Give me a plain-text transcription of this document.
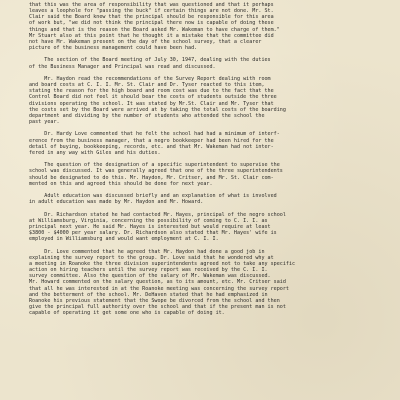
that this was the area of responsibility that was questioned and that it perhaps
leaves a loophole for "passing the buck" if certain things are not done. Mr. St.
Clair said the Board knew that the principal should be responsible for this area
of work but, "we did not think the principal there now is capable of doing these
things and that is the reason the Board asked Mr. Wakeman to have charge of them."
Mr Stuart also at this point that he thought it a mistake that the committee did
not have Mr. Wakeman present on the day of the school survey, that a clearer
picture of the business management could have been had.
The section of the Board meeting of July 30, 1947, dealing with the duties
of the Business Manager and Principal was read and discussed.
Mr. Haydon read the recommendations of the Survey Report dealing with room
and board costs at C. I. I. Mr. St. Clair and Dr. Tyser reacted to this item,
stating the reason for the high board and room cost was due to the fact that the
Control Board did not feel it should bear the costs of students outside the three
divisions operating the school. It was stated by Mr.St. Clair and Mr. Tyser that
the costs set by the Board were arrived at by taking the total costs of the boarding
department and dividing by the number of students who attended the school the
past year.
Dr. Hardy Love commented that he felt the school had had a minimum of interf-
erence from the business manager, that a negro bookkeeper had been hired for the
detail of buying, bookkeeping, records, etc. and that Mr. Wakeman had not inter-
fered in any way with Giles and his duties.
The question of the designation of a specific superintendent to supervise the
school was discussed. It was generally agreed that one of the three superintendents
should be designated to do this. Mr. Haydon, Mr. Critser, and Mr. St. Clair com-
mented on this and agreed this should be done for next year.
Adult education was discussed briefly and an explanation of what is involved
in adult education was made by Mr. Haydon and Mr. Howard.
Dr. Richardson stated he had contacted Mr. Hayes, principal of the negro school
at Williamsburg, Virginia, concerning the possibility of coming to C. I. I. as
principal next year. He said Mr. Hayes is interested but would require at least
$3800 - $4000 per year salary. Dr. Richardson also stated that Mr. Hayes' wife is
employed in Williamsburg and would want employment at C. I. I.
Dr. Love commented that he agreed that Mr. Haydon had done a good job in
explaining the survey report to the group. Dr. Love said that he wondered why at
a meeting in Roanoke the three division superintendents agreed not to take any specific
action on hiring teachers until the survey report was received by the C. I. I.
survey committee. Also the question of the salary of Mr. Wakeman was discussed.
Mr. Howard commented on the salary question, as to its amount, etc. Mr. Critser said
that all he was interested in at the Roanoke meeting was concerning the survey report
and the betterment of the school. Mr. DeHaven stated that he had emphasized in
Roanoke his previous statement that the Swope be divorced from the school and then
give the principal full authority over the school and that if the present man is not
capable of operating it get some one who is capable of doing it.
